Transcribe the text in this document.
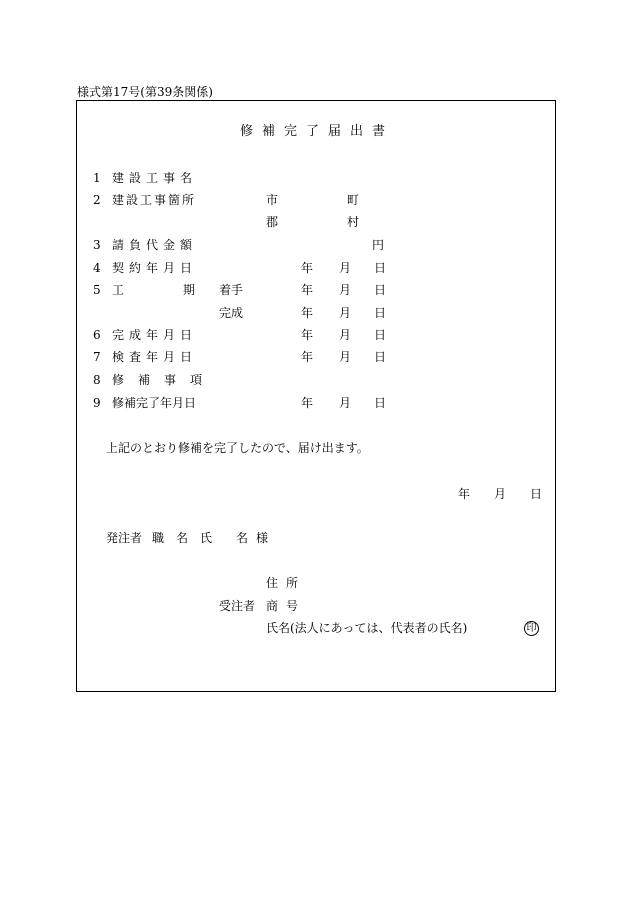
様式第17号(第39条関係)
修補完了届出書
1 建設工事名
2 建設工事箇所	市	町
郡	村
3 請負代金額	円
4 契約年月日	年 月 日
5 工	期 着手	年 月 日
完成	年 月 日
6 完成年月日	年 月 日
7 検査年月日	年 月 日
8 修補事項
9 修補完了年月日	年 月 日
上記のとおり修補を完了したので、届け出ます。
年 月 日
発注者 職名氏 名様
住所
受注者 商号
氏名(法人にあっては、代表者の氏名)	印
